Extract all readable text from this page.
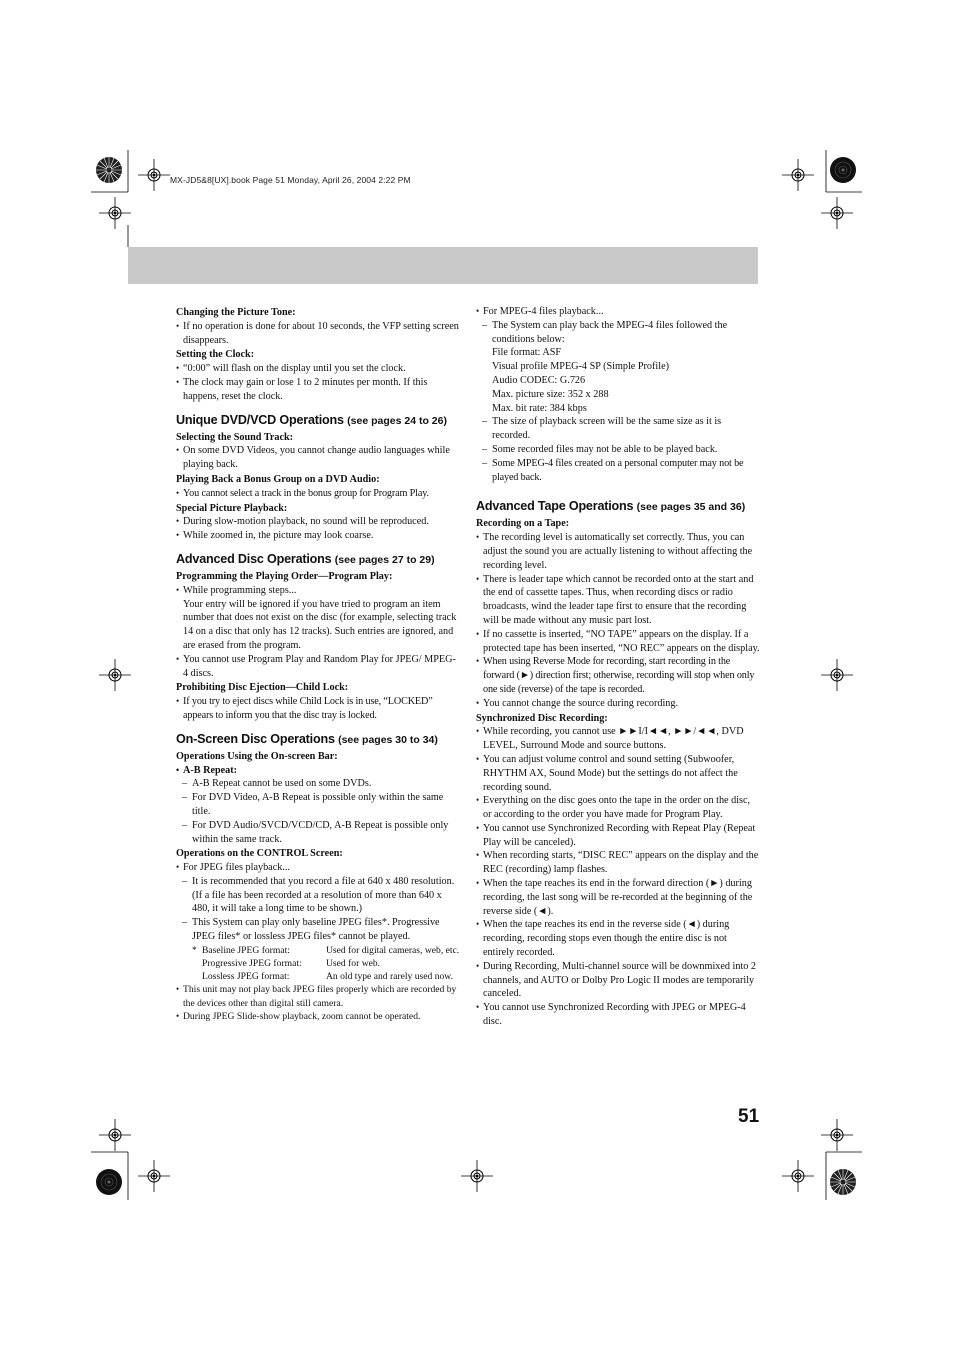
MX-JD5&8[UX].book Page 51 Monday, April 26, 2004 2:22 PM

Changing the Picture Tone:

• If no operation is done for about 10 seconds, the VFP setting screen disappears.

Setting the Clock:

• “0:00” will flash on the display until you set the clock.

• The clock may gain or lose 1 to 2 minutes per month. If this happens, reset the clock.

Unique DVD/VCD Operations (see pages 24 to 26)

Selecting the Sound Track:

• On some DVD Videos, you cannot change audio languages while playing back.

Playing Back a Bonus Group on a DVD Audio:

• You cannot select a track in the bonus group for Program Play.

Special Picture Playback:

• During slow-motion playback, no sound will be reproduced.

• While zoomed in, the picture may look coarse.

Advanced Disc Operations (see pages 27 to 29)

Programming the Playing Order—Program Play:

• While programming steps...

Your entry will be ignored if you have tried to program an item number that does not exist on the disc (for example, selecting track 14 on a disc that only has 12 tracks). Such entries are ignored, and are erased from the program.

• You cannot use Program Play and Random Play for JPEG/ MPEG-4 discs.

Prohibiting Disc Ejection—Child Lock:

• If you try to eject discs while Child Lock is in use, “LOCKED” appears to inform you that the disc tray is locked.

On-Screen Disc Operations (see pages 30 to 34)

Operations Using the On-screen Bar:

• A-B Repeat:

– A-B Repeat cannot be used on some DVDs.

– For DVD Video, A-B Repeat is possible only within the same title.

– For DVD Audio/SVCD/VCD/CD, A-B Repeat is possible only within the same track.

Operations on the CONTROL Screen:

• For JPEG files playback...

– It is recommended that you record a file at 640 x 480 resolution. (If a file has been recorded at a resolution of more than 640 x 480, it will take a long time to be shown.)

– This System can play only baseline JPEG files*. Progressive JPEG files* or lossless JPEG files* cannot be played.

* Baseline JPEG format:	Used for digital cameras, web, etc.
Progressive JPEG format:	Used for web.
Lossless JPEG format:	An old type and rarely used now.

• This unit may not play back JPEG files properly which are recorded by the devices other than digital still camera.

• During JPEG Slide-show playback, zoom cannot be operated.

• For MPEG-4 files playback...

– The System can play back the MPEG-4 files followed the conditions below:

File format: ASF

Visual profile MPEG-4 SP (Simple Profile)

Audio CODEC: G.726

Max. picture size: 352 x 288

Max. bit rate: 384 kbps

– The size of playback screen will be the same size as it is recorded.

– Some recorded files may not be able to be played back.

– Some MPEG-4 files created on a personal computer may not be played back.

Advanced Tape Operations (see pages 35 and 36)

Recording on a Tape:

• The recording level is automatically set correctly. Thus, you can adjust the sound you are actually listening to without affecting the recording level.

• There is leader tape which cannot be recorded onto at the start and the end of cassette tapes. Thus, when recording discs or radio broadcasts, wind the leader tape first to ensure that the recording will be made without any music part lost.

• If no cassette is inserted, “NO TAPE” appears on the display. If a protected tape has been inserted, “NO REC” appears on the display.

• When using Reverse Mode for recording, start recording in the forward (►) direction first; otherwise, recording will stop when only one side (reverse) of the tape is recorded.

• You cannot change the source during recording.

Synchronized Disc Recording:

• While recording, you cannot use ►►I/I◄◄, ►►/◄◄, DVD LEVEL, Surround Mode and source buttons.

• You can adjust volume control and sound setting (Subwoofer, RHYTHM AX, Sound Mode) but the settings do not affect the recording sound.

• Everything on the disc goes onto the tape in the order on the disc, or according to the order you have made for Program Play.

• You cannot use Synchronized Recording with Repeat Play (Repeat Play will be canceled).

• When recording starts, “DISC REC” appears on the display and the REC (recording) lamp flashes.

• When the tape reaches its end in the forward direction (►) during recording, the last song will be re-recorded at the beginning of the reverse side (◄).

• When the tape reaches its end in the reverse side (◄) during recording, recording stops even though the entire disc is not entirely recorded.

• During Recording, Multi-channel source will be downmixed into 2 channels, and AUTO or Dolby Pro Logic II modes are temporarily canceled.

• You cannot use Synchronized Recording with JPEG or MPEG-4 disc.

51
